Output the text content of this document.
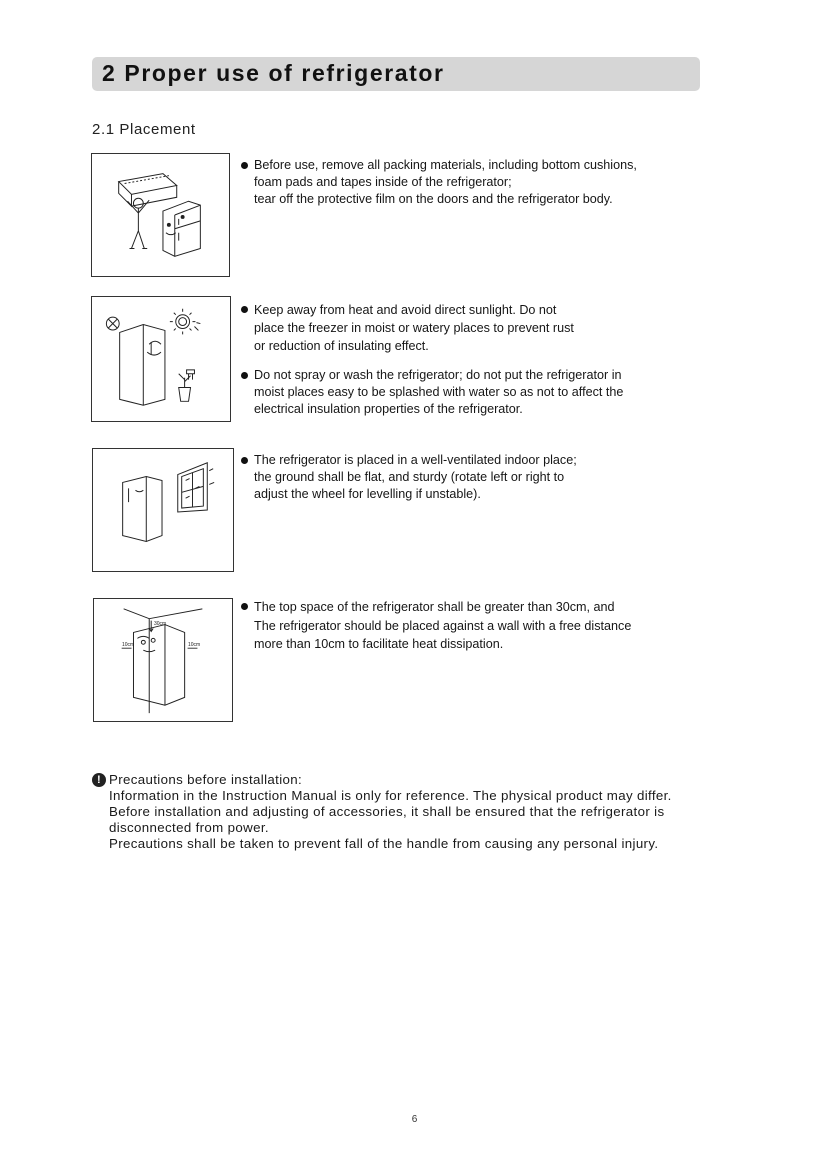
2 Proper use of refrigerator
2.1 Placement
30cm
10cm	10cm
Before use, remove all packing materials, including bottom cushions,
foam pads and tapes inside of the refrigerator;
tear off the protective film on the doors and the refrigerator body.
Keep away from heat and avoid direct sunlight. Do not
place the freezer in moist or watery places to prevent rust
or reduction of insulating effect.
Do not spray or wash the refrigerator; do not put the refrigerator in
moist places easy to be splashed with water so as not to affect the
electrical insulation properties of the refrigerator.
The refrigerator is placed in a well-ventilated indoor place;
the ground shall be flat, and sturdy (rotate left or right to
adjust the wheel for levelling if unstable).
The top space of the refrigerator shall be greater than 30cm, and
The refrigerator should be placed against a wall with a free distance
more than 10cm to facilitate heat dissipation.
! Precautions before installation:
Information in the Instruction Manual is only for reference. The physical product may differ.
Before installation and adjusting of accessories, it shall be ensured that the refrigerator is
disconnected from power.
Precautions shall be taken to prevent fall of the handle from causing any personal injury.
6
